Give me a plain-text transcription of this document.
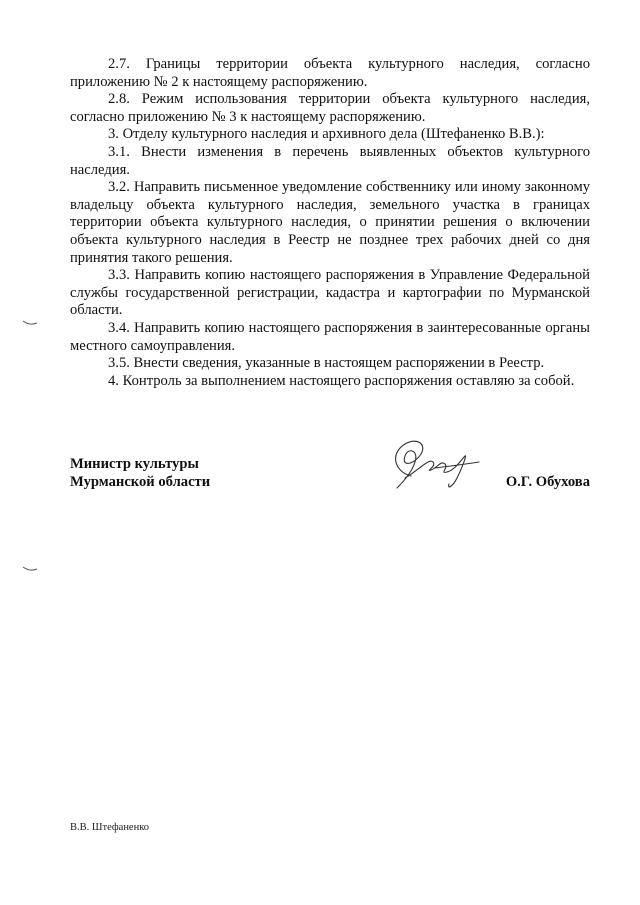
2.7. Границы территории объекта культурного наследия, согласно приложению № 2 к настоящему распоряжению.

2.8. Режим использования территории объекта культурного наследия, согласно приложению № 3 к настоящему распоряжению.

3. Отделу культурного наследия и архивного дела (Штефаненко В.В.):

3.1. Внести изменения в перечень выявленных объектов культурного наследия.

3.2. Направить письменное уведомление собственнику или иному законному владельцу объекта культурного наследия, земельного участка в границах территории объекта культурного наследия, о принятии решения о включении объекта культурного наследия в Реестр не позднее трех рабочих дней со дня принятия такого решения.

3.3. Направить копию настоящего распоряжения в Управление Федеральной службы государственной регистрации, кадастра и картографии по Мурманской области.

3.4. Направить копию настоящего распоряжения в заинтересованные органы местного самоуправления.

3.5. Внести сведения, указанные в настоящем распоряжении в Реестр.

4. Контроль за выполнением настоящего распоряжения оставляю за собой.

Министр культуры
Мурманской области	О.Г. Обухова
В.В. Штефаненко
